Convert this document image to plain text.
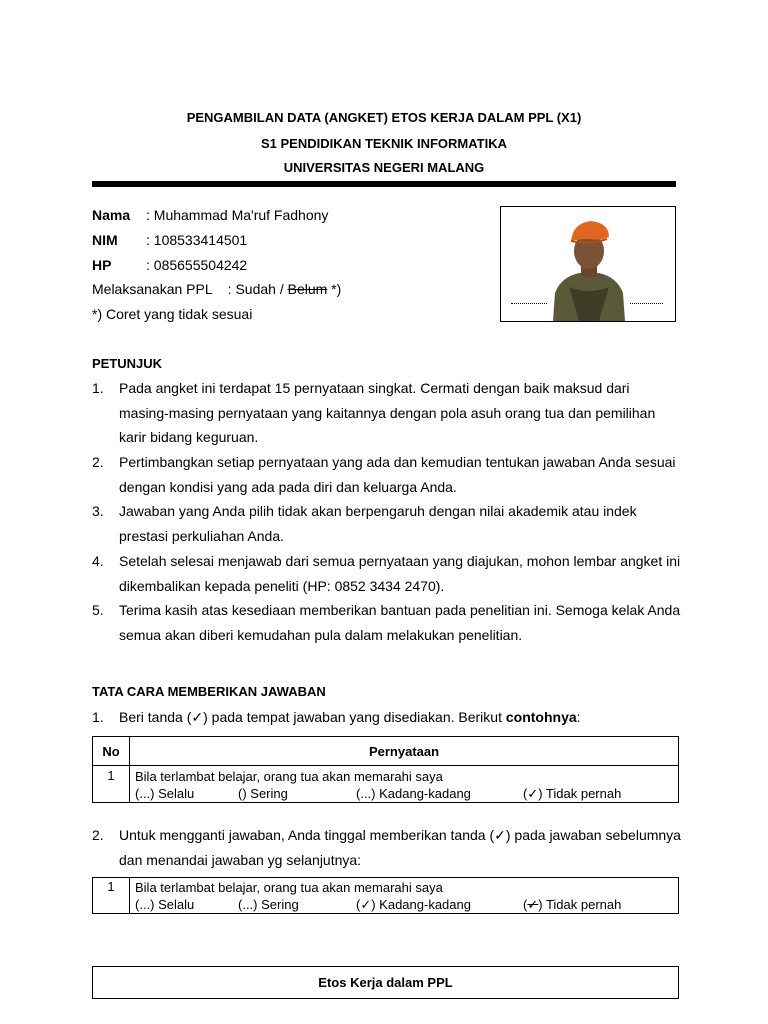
PENGAMBILAN DATA (ANGKET) ETOS KERJA DALAM PPL (X1)
S1 PENDIDIKAN TEKNIK INFORMATIKA
UNIVERSITAS NEGERI MALANG
Nama : Muhammad Ma'ruf Fadhony
NIM : 108533414501
HP : 085655504242
Melaksanakan PPL    : Sudah / Belum *)
*) Coret yang tidak sesuai
PETUNJUK
1. Pada angket ini terdapat 15 pernyataan singkat. Cermati dengan baik maksud dari masing-masing pernyataan yang kaitannya dengan pola asuh orang tua dan pemilihan karir bidang keguruan.
2. Pertimbangkan setiap pernyataan yang ada dan kemudian tentukan jawaban Anda sesuai dengan kondisi yang ada pada diri dan keluarga Anda.
3. Jawaban yang Anda pilih tidak akan berpengaruh dengan nilai akademik atau indek prestasi perkuliahan Anda.
4. Setelah selesai menjawab dari semua pernyataan yang diajukan, mohon lembar angket ini dikembalikan kepada peneliti (HP: 0852 3434 2470).
5. Terima kasih atas kesediaan memberikan bantuan pada penelitian ini. Semoga kelak Anda semua akan diberi kemudahan pula dalam melakukan penelitian.
TATA CARA MEMBERIKAN JAWABAN
1. Beri tanda (✓) pada tempat jawaban yang disediakan. Berikut contohnya:
No	Pernyataan
1	Bila terlambat belajar, orang tua akan memarahi saya
(...) Selalu () Sering (...) Kadang-kadang (✓) Tidak pernah
2. Untuk mengganti jawaban, Anda tinggal memberikan tanda (✓) pada jawaban sebelumnya dan menandai jawaban yg selanjutnya:
1	Bila terlambat belajar, orang tua akan memarahi saya
(...) Selalu	(...) Sering	(✓) Kadang-kadang	(✓) Tidak pernah
Etos Kerja dalam PPL
